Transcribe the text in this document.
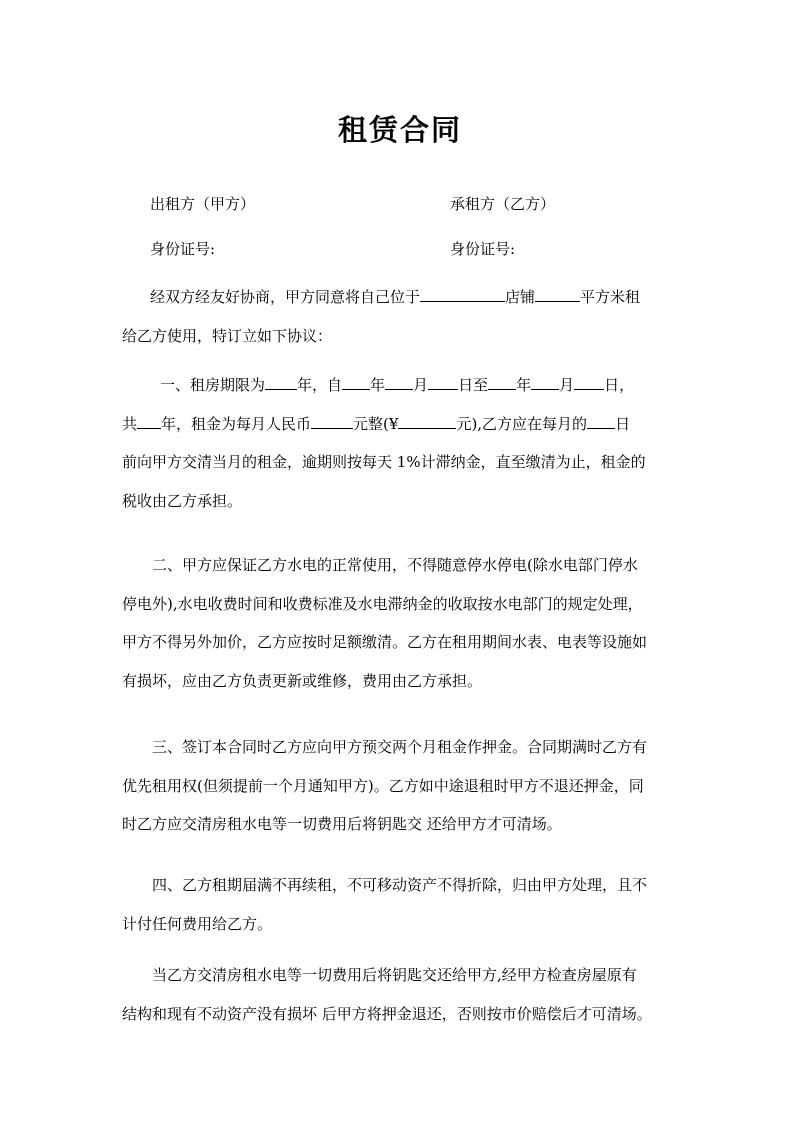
租赁合同
出租方（甲方）	承租方（乙方）
身份证号:	身份证号:
经双方经友好协商，甲方同意将自己位于	店铺	平方米租
给乙方使用，特订立如下协议：
一、租房期限为 年，自 年 月 日至 年 月 日，
共 年，租金为每月人民币	元整(¥	元),乙方应在每月的 日
前向甲方交清当月的租金，逾期则按每天 1%计滞纳金，直至缴清为止，租金的
税收由乙方承担。
二、甲方应保证乙方水电的正常使用，不得随意停水停电(除水电部门停水
停电外),水电收费时间和收费标准及水电滞纳金的收取按水电部门的规定处理，
甲方不得另外加价，乙方应按时足额缴清。乙方在租用期间水表、电表等设施如
有损坏，应由乙方负责更新或维修，费用由乙方承担。
三、签订本合同时乙方应向甲方预交两个月租金作押金。合同期满时乙方有
优先租用权(但须提前一个月通知甲方)。乙方如中途退租时甲方不退还押金，同
时乙方应交清房租水电等一切费用后将钥匙交 还给甲方才可清场。
四、乙方租期届满不再续租，不可移动资产不得折除，归由甲方处理，且不
计付任何费用给乙方。
当乙方交清房租水电等一切费用后将钥匙交还给甲方,经甲方检查房屋原有
结构和现有不动资产没有损坏 后甲方将押金退还，否则按市价赔偿后才可清场。
